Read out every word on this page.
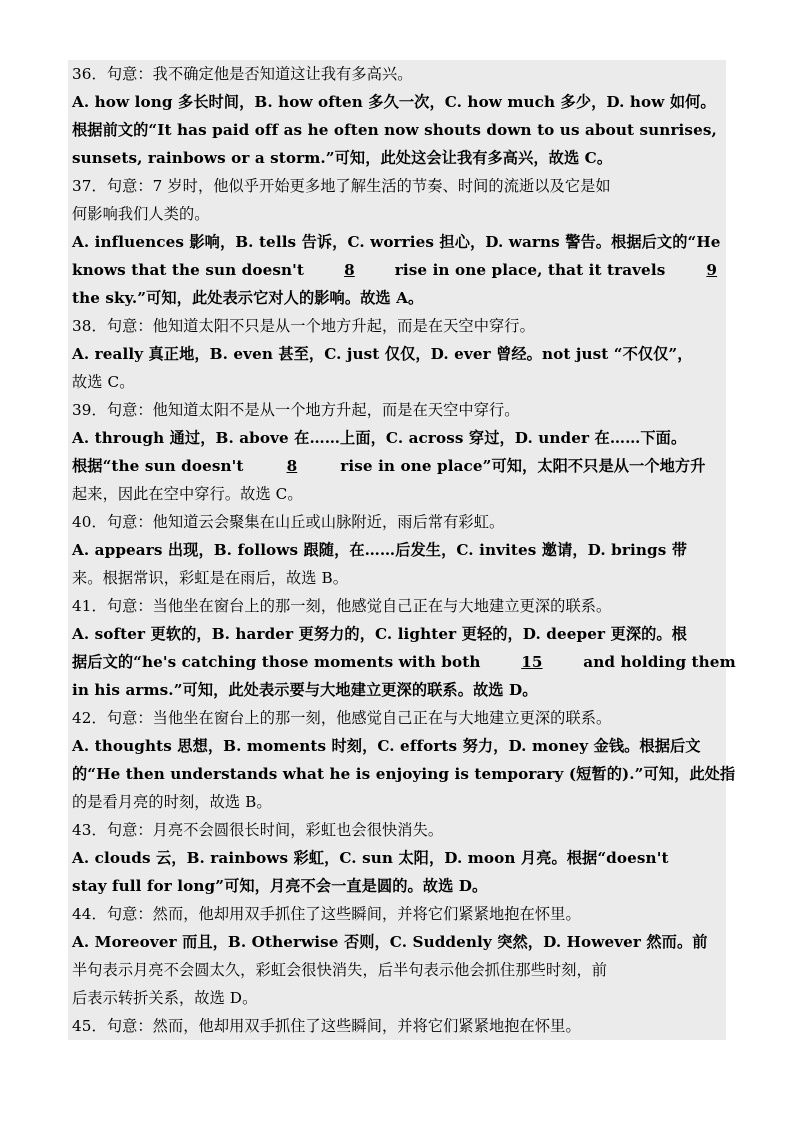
36．句意：我不确定他是否知道这让我有多高兴。
A. how long 多长时间，B. how often 多久一次，C. how much 多少，D. how 如何。
根据前文的“It has paid off as he often now shouts down to us about sunrises,
sunsets, rainbows or a storm.”可知，此处这会让我有多高兴，故选 C。
37．句意：7 岁时，他似乎开始更多地了解生活的节奏、时间的流逝以及它是如
何影响我们人类的。
A. influences 影响，B. tells 告诉，C. worries 担心，D. warns 警告。根据后文的“He
knows that the sun doesn't 8 rise in one place, that it travels 9
the sky.”可知，此处表示它对人的影响。故选 A。
38．句意：他知道太阳不只是从一个地方升起，而是在天空中穿行。
A. really 真正地，B. even 甚至，C. just 仅仅，D. ever 曾经。not just “不仅仅”，
故选 C。
39．句意：他知道太阳不是从一个地方升起，而是在天空中穿行。
A. through 通过，B. above 在……上面，C. across 穿过，D. under 在……下面。
根据“the sun doesn't 8 rise in one place”可知，太阳不只是从一个地方升
起来，因此在空中穿行。故选 C。
40．句意：他知道云会聚集在山丘或山脉附近，雨后常有彩虹。
A. appears 出现，B. follows 跟随，在……后发生，C. invites 邀请，D. brings 带
来。根据常识，彩虹是在雨后，故选 B。
41．句意：当他坐在窗台上的那一刻，他感觉自己正在与大地建立更深的联系。
A. softer 更软的，B. harder 更努力的，C. lighter 更轻的，D. deeper 更深的。根
据后文的“he's catching those moments with both 15 and holding them
in his arms.”可知，此处表示要与大地建立更深的联系。故选 D。
42．句意：当他坐在窗台上的那一刻，他感觉自己正在与大地建立更深的联系。
A. thoughts 思想，B. moments 时刻，C. efforts 努力，D. money 金钱。根据后文
的“He then understands what he is enjoying is temporary (短暂的).”可知，此处指
的是看月亮的时刻，故选 B。
43．句意：月亮不会圆很长时间，彩虹也会很快消失。
A. clouds 云，B. rainbows 彩虹，C. sun 太阳，D. moon 月亮。根据“doesn't
stay full for long”可知，月亮不会一直是圆的。故选 D。
44．句意：然而，他却用双手抓住了这些瞬间，并将它们紧紧地抱在怀里。
A. Moreover 而且，B. Otherwise 否则，C. Suddenly 突然，D. However 然而。前
半句表示月亮不会圆太久，彩虹会很快消失，后半句表示他会抓住那些时刻，前
后表示转折关系，故选 D。
45．句意：然而，他却用双手抓住了这些瞬间，并将它们紧紧地抱在怀里。
